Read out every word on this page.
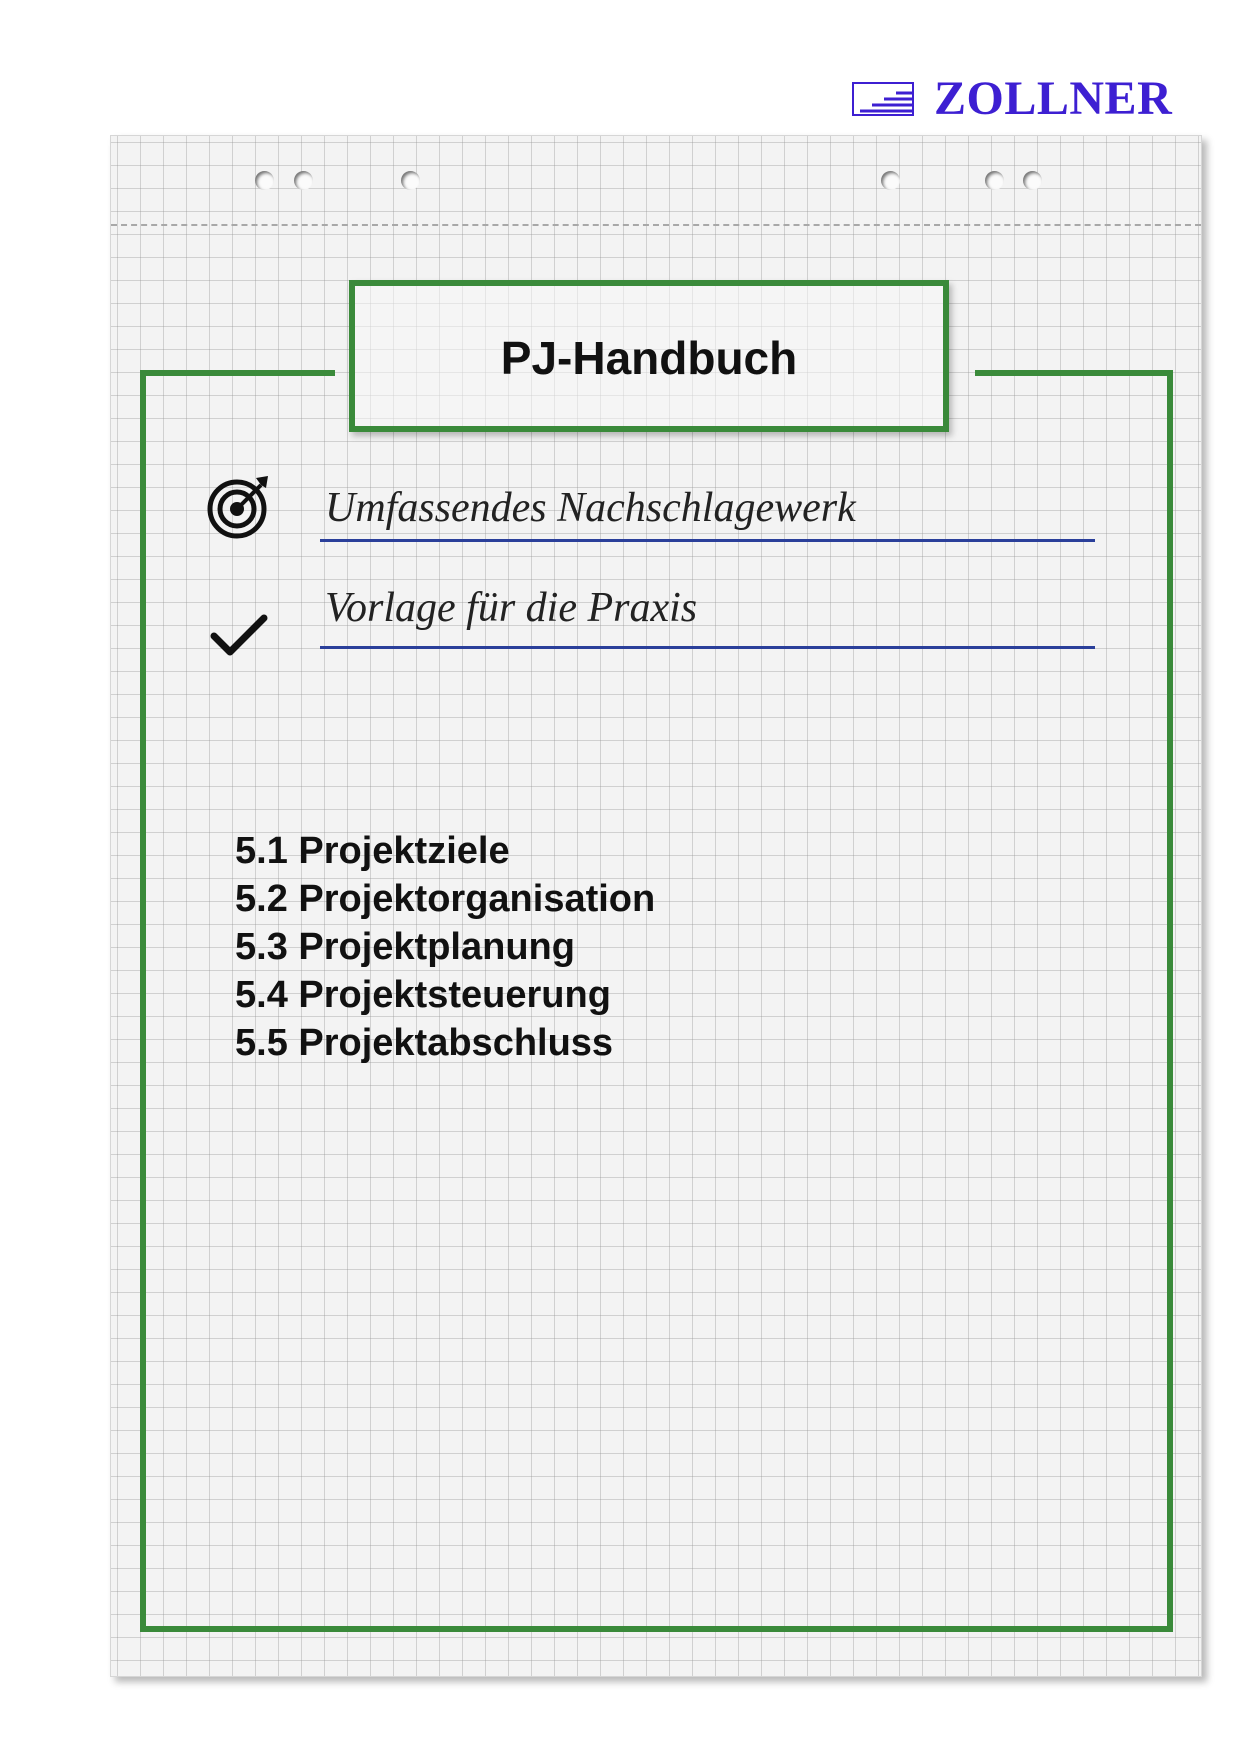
ZOLLNER
PJ-Handbuch
Umfassendes Nachschlagewerk
Vorlage für die Praxis
5.1 Projektziele
5.2 Projektorganisation
5.3 Projektplanung
5.4 Projektsteuerung
5.5 Projektabschluss
